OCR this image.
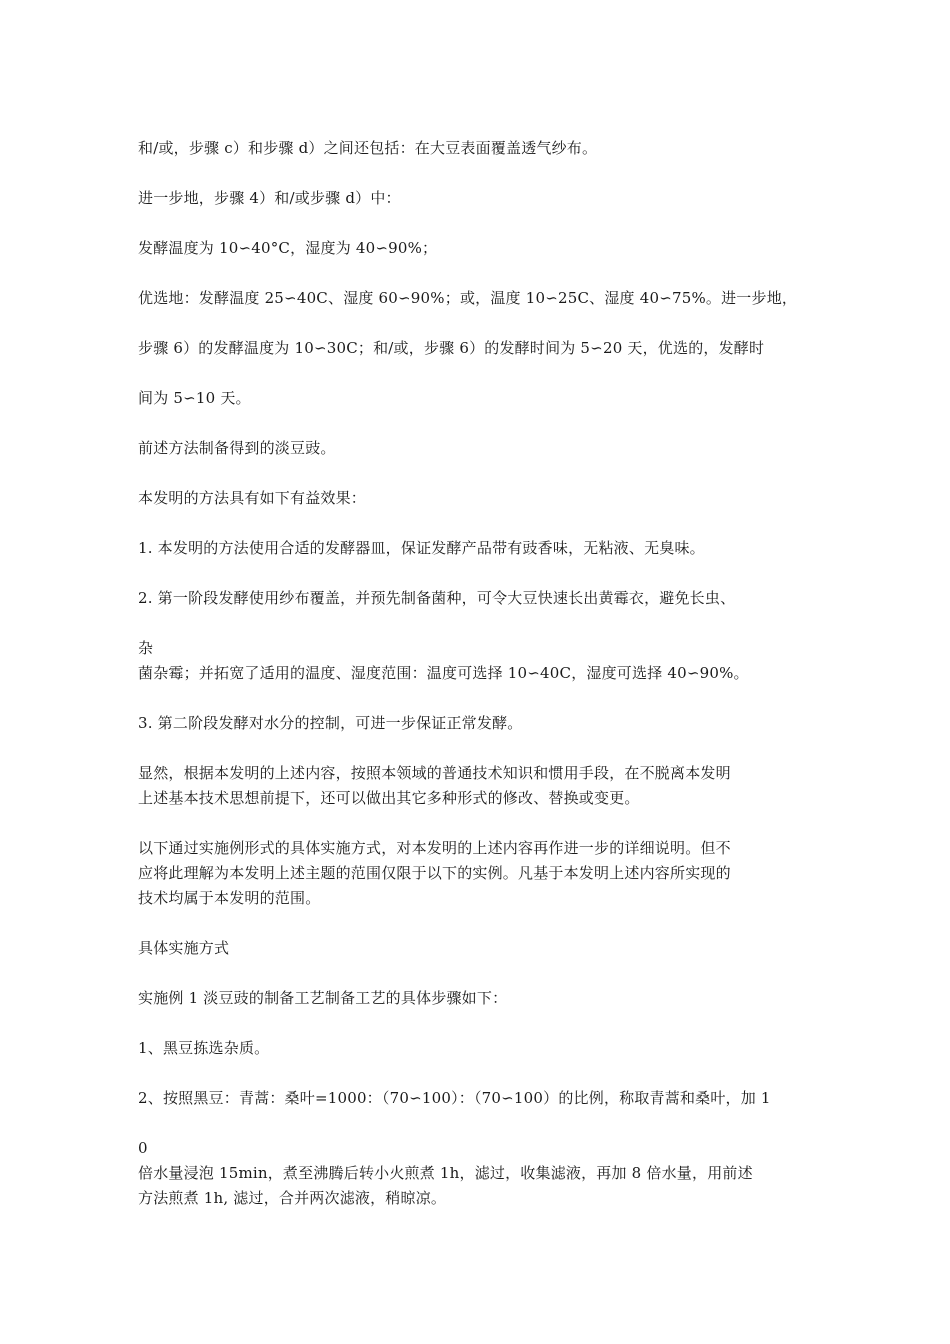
和/或，步骤 c）和步骤 d）之间还包括：在大豆表面覆盖透气纱布。
进一步地，步骤 4）和/或步骤 d）中：
发酵温度为 10∽40°C，湿度为 40∽90%；
优选地：发酵温度 25∽40C、湿度 60∽90%；或，温度 10∽25C、湿度 40∽75%。进一步地，
步骤 6）的发酵温度为 10∽30C；和/或，步骤 6）的发酵时间为 5∽20 天，优选的，发酵时
间为 5∽10 天。
前述方法制备得到的淡豆豉。
本发明的方法具有如下有益效果：
1. 本发明的方法使用合适的发酵器皿，保证发酵产品带有豉香味，无粘液、无臭味。
2. 第一阶段发酵使用纱布覆盖，并预先制备菌种，可令大豆快速长出黄霉衣，避免长虫、
杂
菌杂霉；并拓宽了适用的温度、湿度范围：温度可选择 10∽40C，湿度可选择 40∽90%。
3. 第二阶段发酵对水分的控制，可进一步保证正常发酵。
显然，根据本发明的上述内容，按照本领域的普通技术知识和惯用手段，在不脱离本发明
上述基本技术思想前提下，还可以做出其它多种形式的修改、替换或变更。
以下通过实施例形式的具体实施方式，对本发明的上述内容再作进一步的详细说明。但不
应将此理解为本发明上述主题的范围仅限于以下的实例。凡基于本发明上述内容所实现的
技术均属于本发明的范围。
具体实施方式
实施例 1 淡豆豉的制备工艺制备工艺的具体步骤如下：
1、黑豆拣选杂质。
2、按照黑豆：青蒿：桑叶=1000：（70∽100）：（70∽100）的比例，称取青蒿和桑叶，加 1
0
倍水量浸泡 15min，煮至沸腾后转小火煎煮 1h，滤过，收集滤液，再加 8 倍水量，用前述
方法煎煮 1h, 滤过，合并两次滤液，稍晾凉。
